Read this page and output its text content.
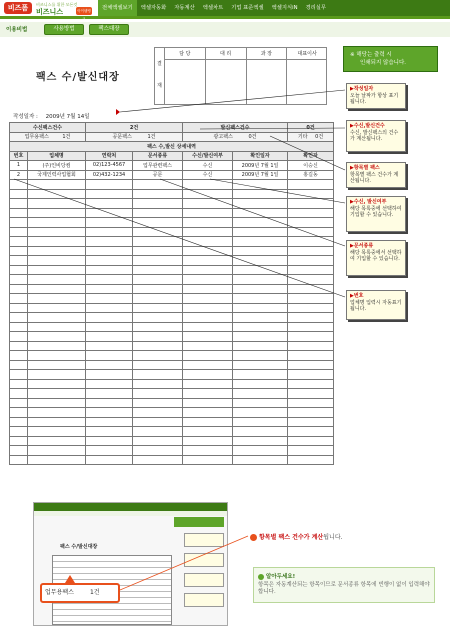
비즈폼	비즈니스를 위한 모든것
비즈니스	아이템뱅크
전체액셀보기	엑셀자동화	자동계산	엑셀차트	기업 표준엑셀	엑셀지식iN	경리실무
이용비법	사용방법	팩스대장
결
재
담 당	대 리	과 장	대표이사
팩스 수/발신대장
작성일자 : 2009년 7월 14일
※ 해당는 출력 시
인쇄되지 않습니다.
수신팩스건수		2건		발신팩스건수		0건
업무용팩스 1건		공문팩스 1건		광고팩스 0건		기타 0건
팩스 수,발신 상세내역						
번호	업체명	연락처	문서종류	수신/발신여부	확인일자	확인자
1	(주)인비당컴	02)123-4567	업무관련팩스	수신	2009년 7월 1일	이승신
2	국제인력사업협회	02)432-1234	공문	수신	2009년 7월 1일	홍길동

▶작성일자
오늘 날짜가 항상 표기됩니다.
▶수신,발신건수
수신, 발신팩스의 건수가 계산됩니다.
▶항목별 팩스
항목별 팩스 건수가 계산됩니다.
▶수신, 발신여부
해당 목록중에 선택하여 기입할 수 있습니다.
▶문서종류
해당 목록중에서 선택하여 기입할 수 있습니다.
▶번호
업체명 입력시 자동표기됩니다.
팩스 수/발신대장
업무용팩스	1건
항목별 팩스 건수가 계산됩니다.
알아두세요!
항목은 자동계산되는 항목이므로 문서종류 항목에 빈행이 없이 입력해야 합니다.
